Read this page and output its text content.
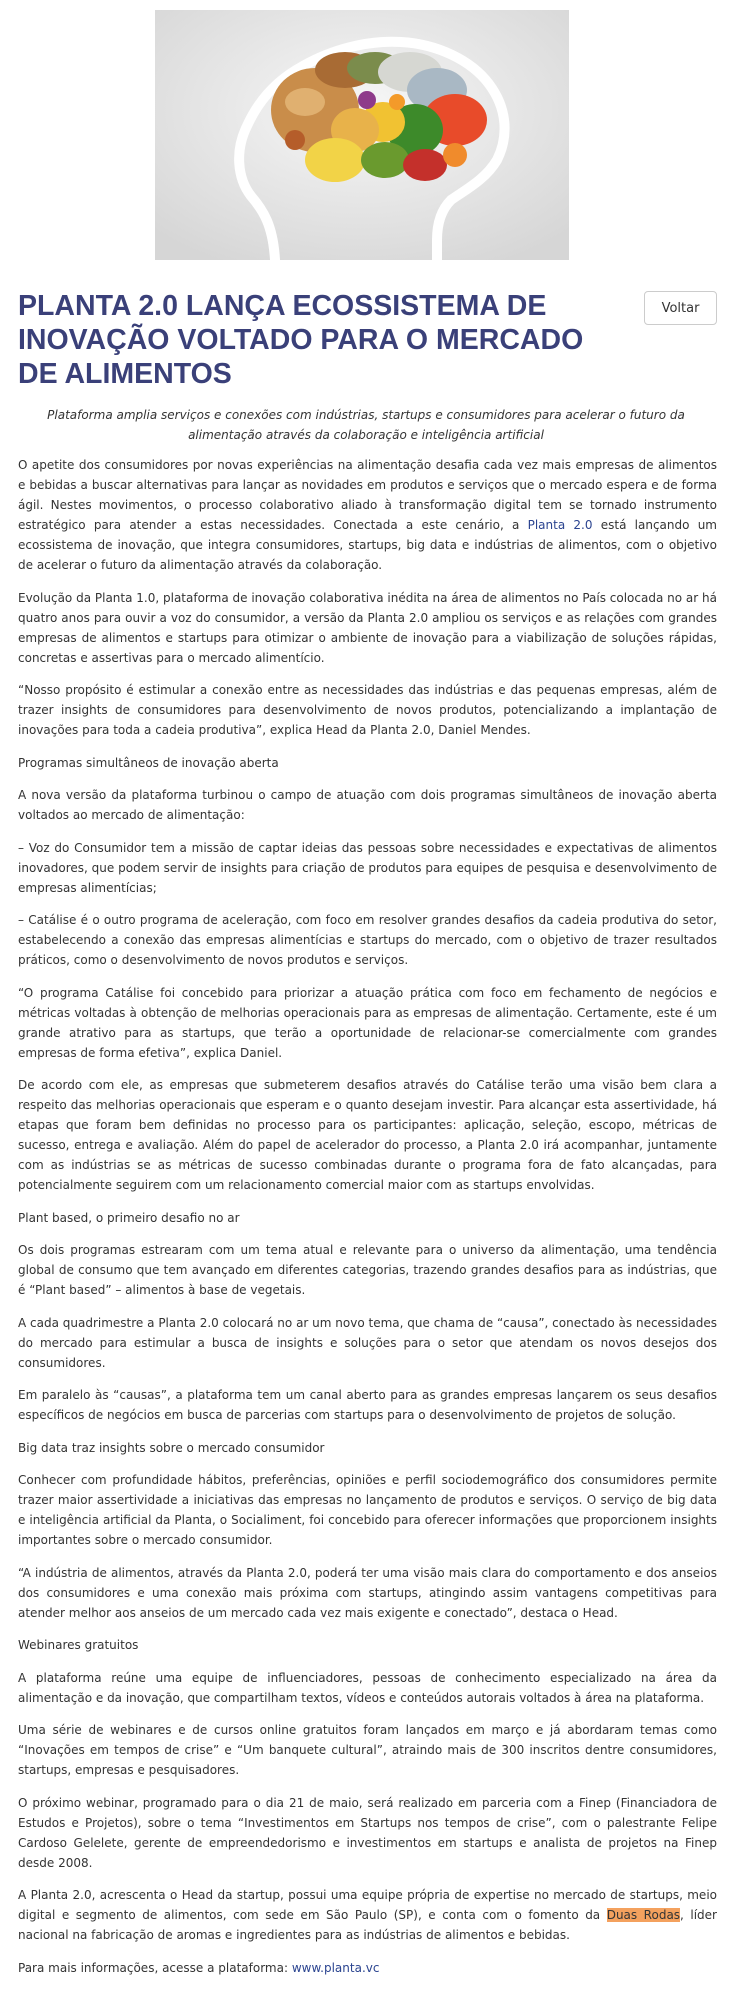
PLANTA 2.0 LANÇA ECOSSISTEMA DE INOVAÇÃO VOLTADO PARA O MERCADO DE ALIMENTOS
Voltar

Plataforma amplia serviços e conexões com indústrias, startups e consumidores para acelerar o futuro da
alimentação através da colaboração e inteligência artificial

O apetite dos consumidores por novas experiências na alimentação desafia cada vez mais empresas de alimentos e bebidas a buscar alternativas para lançar as novidades em produtos e serviços que o mercado espera e de forma ágil. Nestes movimentos, o processo colaborativo aliado à transformação digital tem se tornado instrumento estratégico para atender a estas necessidades. Conectada a este cenário, a Planta 2.0 está lançando um ecossistema de inovação, que integra consumidores, startups, big data e indústrias de alimentos, com o objetivo de acelerar o futuro da alimentação através da colaboração.

Evolução da Planta 1.0, plataforma de inovação colaborativa inédita na área de alimentos no País colocada no ar há quatro anos para ouvir a voz do consumidor, a versão da Planta 2.0 ampliou os serviços e as relações com grandes empresas de alimentos e startups para otimizar o ambiente de inovação para a viabilização de soluções rápidas, concretas e assertivas para o mercado alimentício.

“Nosso propósito é estimular a conexão entre as necessidades das indústrias e das pequenas empresas, além de trazer insights de consumidores para desenvolvimento de novos produtos, potencializando a implantação de inovações para toda a cadeia produtiva”, explica Head da Planta 2.0, Daniel Mendes.

Programas simultâneos de inovação aberta

A nova versão da plataforma turbinou o campo de atuação com dois programas simultâneos de inovação aberta voltados ao mercado de alimentação:

– Voz do Consumidor tem a missão de captar ideias das pessoas sobre necessidades e expectativas de alimentos inovadores, que podem servir de insights para criação de produtos para equipes de pesquisa e desenvolvimento de empresas alimentícias;

– Catálise é o outro programa de aceleração, com foco em resolver grandes desafios da cadeia produtiva do setor, estabelecendo a conexão das empresas alimentícias e startups do mercado, com o objetivo de trazer resultados práticos, como o desenvolvimento de novos produtos e serviços.

“O programa Catálise foi concebido para priorizar a atuação prática com foco em fechamento de negócios e métricas voltadas à obtenção de melhorias operacionais para as empresas de alimentação. Certamente, este é um grande atrativo para as startups, que terão a oportunidade de relacionar-se comercialmente com grandes empresas de forma efetiva”, explica Daniel.

De acordo com ele, as empresas que submeterem desafios através do Catálise terão uma visão bem clara a respeito das melhorias operacionais que esperam e o quanto desejam investir. Para alcançar esta assertividade, há etapas que foram bem definidas no processo para os participantes: aplicação, seleção, escopo, métricas de sucesso, entrega e avaliação. Além do papel de acelerador do processo, a Planta 2.0 irá acompanhar, juntamente com as indústrias se as métricas de sucesso combinadas durante o programa fora de fato alcançadas, para potencialmente seguirem com um relacionamento comercial maior com as startups envolvidas.

Plant based, o primeiro desafio no ar

Os dois programas estrearam com um tema atual e relevante para o universo da alimentação, uma tendência global de consumo que tem avançado em diferentes categorias, trazendo grandes desafios para as indústrias, que é “Plant based” – alimentos à base de vegetais.

A cada quadrimestre a Planta 2.0 colocará no ar um novo tema, que chama de “causa”, conectado às necessidades do mercado para estimular a busca de insights e soluções para o setor que atendam os novos desejos dos consumidores.

Em paralelo às “causas”, a plataforma tem um canal aberto para as grandes empresas lançarem os seus desafios específicos de negócios em busca de parcerias com startups para o desenvolvimento de projetos de solução.

Big data traz insights sobre o mercado consumidor

Conhecer com profundidade hábitos, preferências, opiniões e perfil sociodemográfico dos consumidores permite trazer maior assertividade a iniciativas das empresas no lançamento de produtos e serviços. O serviço de big data e inteligência artificial da Planta, o Socialiment, foi concebido para oferecer informações que proporcionem insights importantes sobre o mercado consumidor.

“A indústria de alimentos, através da Planta 2.0, poderá ter uma visão mais clara do comportamento e dos anseios dos consumidores e uma conexão mais próxima com startups, atingindo assim vantagens competitivas para atender melhor aos anseios de um mercado cada vez mais exigente e conectado”, destaca o Head.

Webinares gratuitos

A plataforma reúne uma equipe de influenciadores, pessoas de conhecimento especializado na área da alimentação e da inovação, que compartilham textos, vídeos e conteúdos autorais voltados à área na plataforma.

Uma série de webinares e de cursos online gratuitos foram lançados em março e já abordaram temas como “Inovações em tempos de crise” e “Um banquete cultural”, atraindo mais de 300 inscritos dentre consumidores, startups, empresas e pesquisadores.

O próximo webinar, programado para o dia 21 de maio, será realizado em parceria com a Finep (Financiadora de Estudos e Projetos), sobre o tema “Investimentos em Startups nos tempos de crise”, com o palestrante Felipe Cardoso Gelelete, gerente de empreendedorismo e investimentos em startups e analista de projetos na Finep desde 2008.

A Planta 2.0, acrescenta o Head da startup, possui uma equipe própria de expertise no mercado de startups, meio digital e segmento de alimentos, com sede em São Paulo (SP), e conta com o fomento da Duas Rodas, líder nacional na fabricação de aromas e ingredientes para as indústrias de alimentos e bebidas.

Para mais informações, acesse a plataforma: www.planta.vc
